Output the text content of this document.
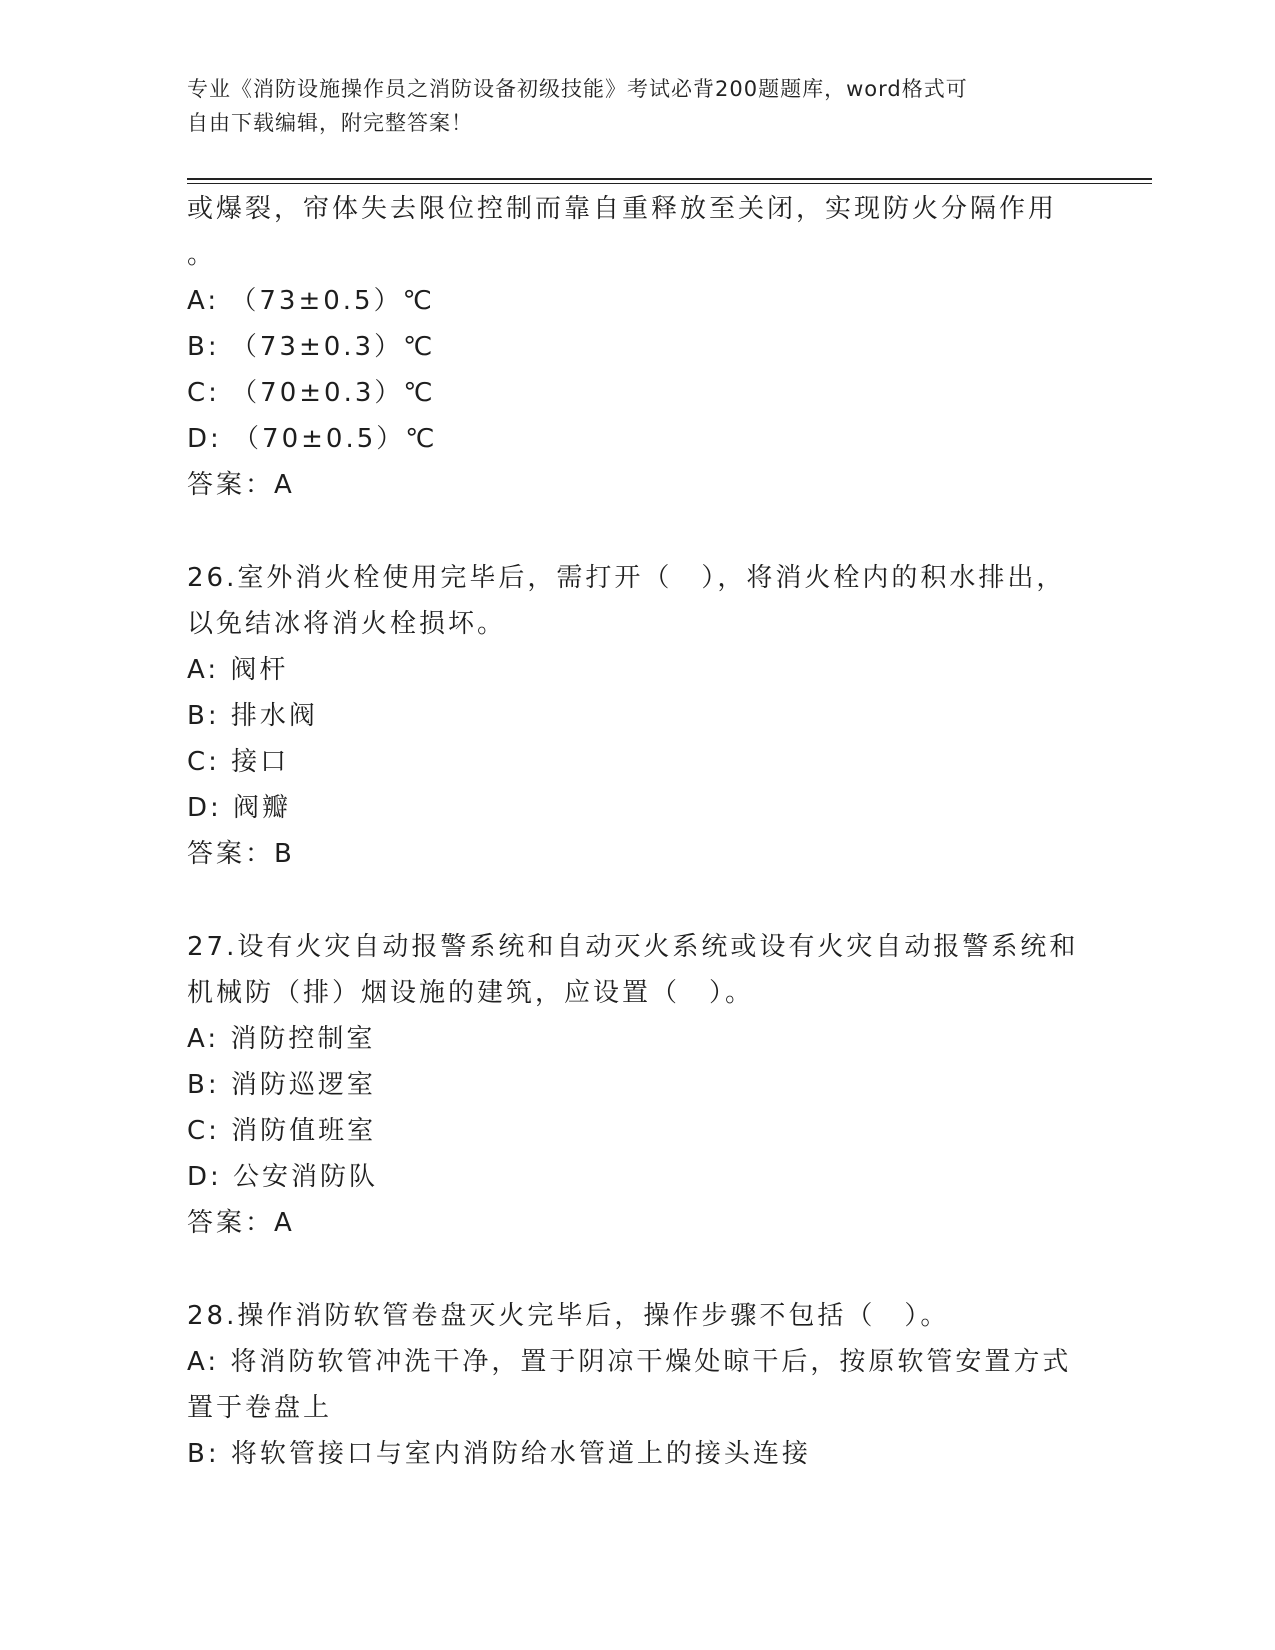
专业《消防设施操作员之消防设备初级技能》考试必背200题题库，word格式可
自由下载编辑，附完整答案！
或爆裂，帘体失去限位控制而靠自重释放至关闭，实现防火分隔作用
。
A: （73±0.5）℃
B: （73±0.3）℃
C: （70±0.3）℃
D: （70±0.5）℃
答案：A
26.室外消火栓使用完毕后，需打开（　），将消火栓内的积水排出，
以免结冰将消火栓损坏。
A: 阀杆
B: 排水阀
C: 接口
D: 阀瓣
答案：B
27.设有火灾自动报警系统和自动灭火系统或设有火灾自动报警系统和
机械防（排）烟设施的建筑，应设置（　）。
A: 消防控制室
B: 消防巡逻室
C: 消防值班室
D: 公安消防队
答案：A
28.操作消防软管卷盘灭火完毕后，操作步骤不包括（　）。
A: 将消防软管冲洗干净，置于阴凉干燥处晾干后，按原软管安置方式
置于卷盘上
B: 将软管接口与室内消防给水管道上的接头连接
